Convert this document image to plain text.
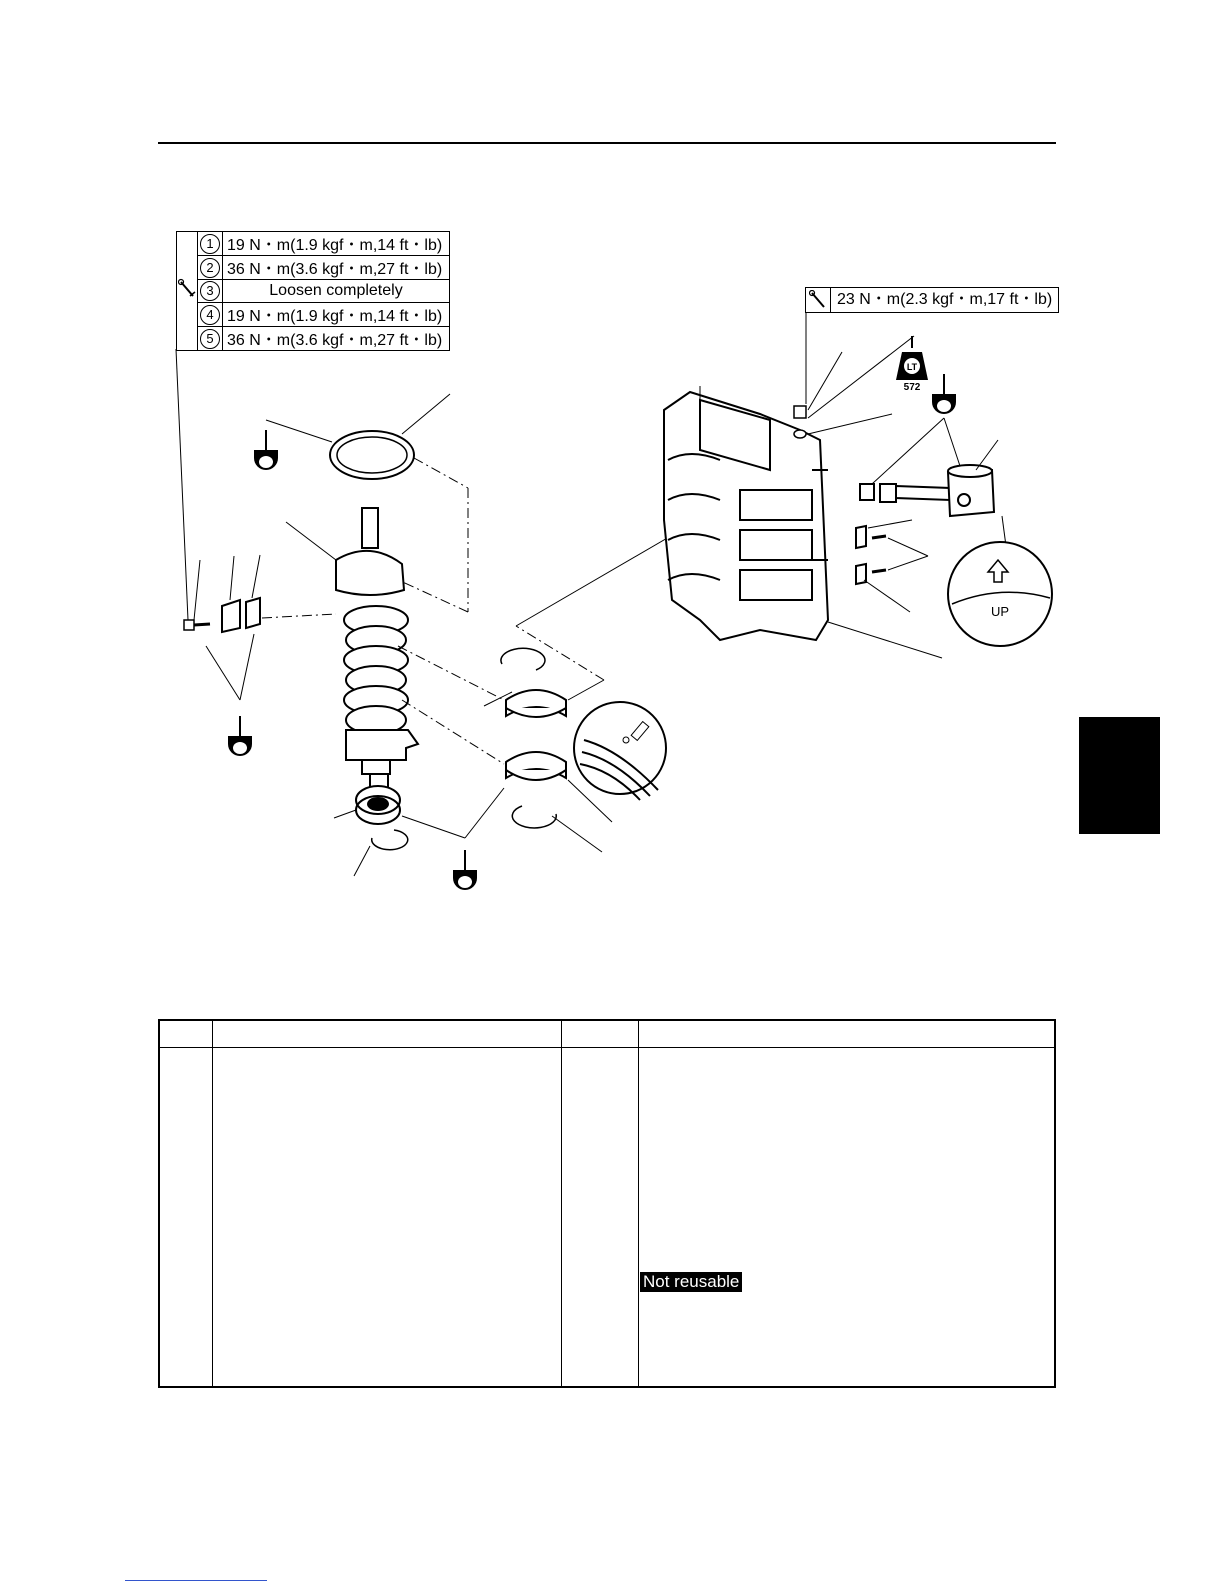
	1	19 N・m(1.9 kgf・m,14 ft・lb)
	2	36 N・m(3.6 kgf・m,27 ft・lb)
	3	Loosen completely
	4	19 N・m(1.9 kgf・m,14 ft・lb)
	5	36 N・m(3.6 kgf・m,27 ft・lb)
23 N・m(2.3 kgf・m,17 ft・lb)
LT
572
UP

Not reusable
